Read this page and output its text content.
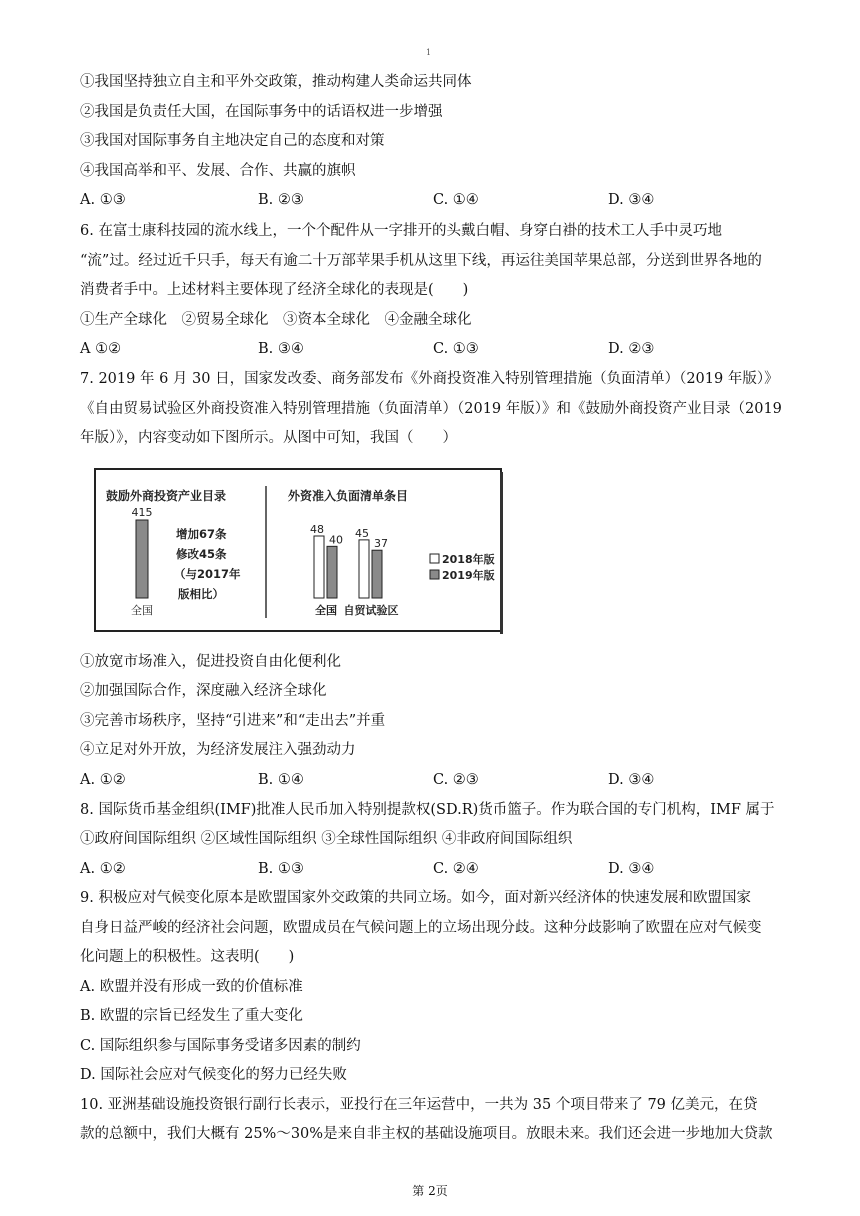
1
①我国坚持独立自主和平外交政策，推动构建人类命运共同体
②我国是负责任大国，在国际事务中的话语权进一步增强
③我国对国际事务自主地决定自己的态度和对策
④我国高举和平、发展、合作、共赢的旗帜
A. ①③	B. ②③	C. ①④	D. ③④
6. 在富士康科技园的流水线上，一个个配件从一字排开的头戴白帽、身穿白褂的技术工人手中灵巧地
“流”过。经过近千只手，每天有逾二十万部苹果手机从这里下线，再运往美国苹果总部，分送到世界各地的
消费者手中。上述材料主要体现了经济全球化的表现是(　　)
①生产全球化　②贸易全球化　③资本全球化　④金融全球化
A ①②	B. ③④	C. ①③	D. ②③
7. 2019 年 6 月 30 日，国家发改委、商务部发布《外商投资准入特别管理措施（负面清单）（2019 年版）》
《自由贸易试验区外商投资准入特别管理措施（负面清单）（2019 年版）》和《鼓励外商投资产业目录（2019
年版）》，内容变动如下图所示。从图中可知，我国（　　）
鼓励外商投资产业目录
415
全国
增加67条
修改45条
（与2017年
版相比）
外资准入负面清单条目
48
40
全国
45
37
自贸试验区
2018年版
2019年版
①放宽市场准入，促进投资自由化便利化
②加强国际合作，深度融入经济全球化
③完善市场秩序，坚持“引进来”和“走出去”并重
④立足对外开放，为经济发展注入强劲动力
A. ①②	B. ①④	C. ②③	D. ③④
8. 国际货币基金组织(IMF)批准人民币加入特别提款权(SD.R)货币篮子。作为联合国的专门机构，IMF 属于
①政府间国际组织 ②区域性国际组织 ③全球性国际组织 ④非政府间国际组织
A. ①②	B. ①③	C. ②④	D. ③④
9. 积极应对气候变化原本是欧盟国家外交政策的共同立场。如今，面对新兴经济体的快速发展和欧盟国家
自身日益严峻的经济社会问题，欧盟成员在气候问题上的立场出现分歧。这种分歧影响了欧盟在应对气候变
化问题上的积极性。这表明(　　)
A. 欧盟并没有形成一致的价值标准
B. 欧盟的宗旨已经发生了重大变化
C. 国际组织参与国际事务受诸多因素的制约
D. 国际社会应对气候变化的努力已经失败
10. 亚洲基础设施投资银行副行长表示，亚投行在三年运营中，一共为 35 个项目带来了 79 亿美元，在贷
款的总额中，我们大概有 25%～30%是来自非主权的基础设施项目。放眼未来。我们还会进一步地加大贷款
第 2页
